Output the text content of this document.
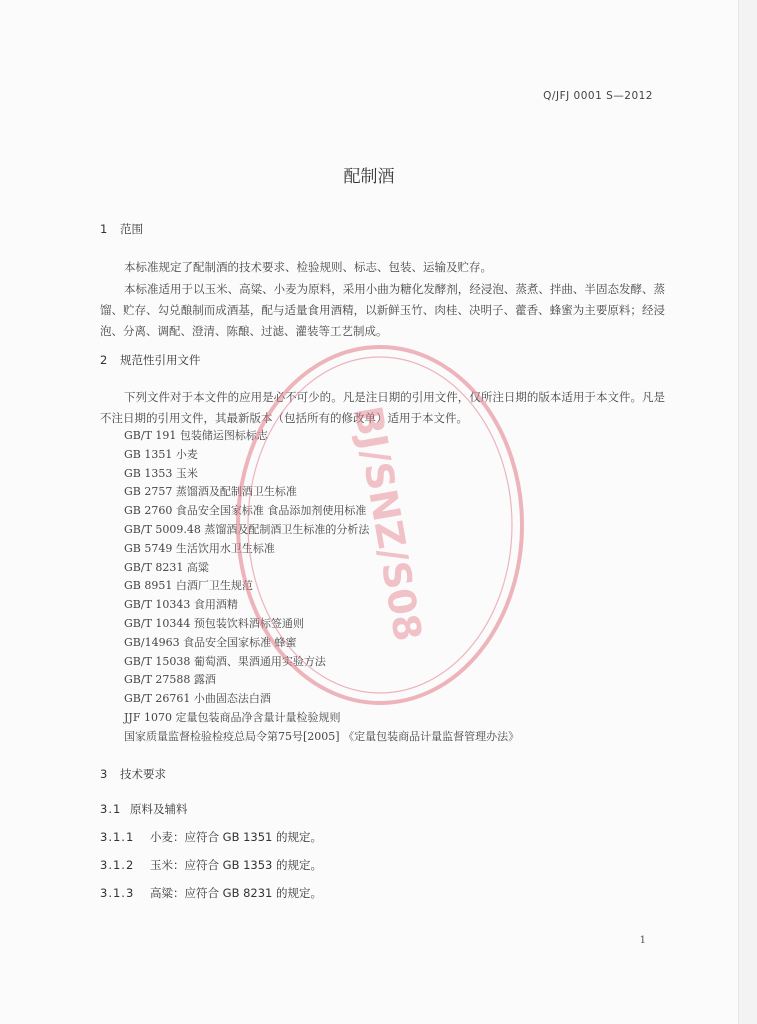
Q/JFJ 0001 S—2012
配制酒
1 范围
本标准规定了配制酒的技术要求、检验规则、标志、包装、运输及贮存。
本标准适用于以玉米、高粱、小麦为原料，采用小曲为糖化发酵剂，经浸泡、蒸煮、拌曲、半固态发酵、蒸馏、贮存、勾兑酿制而成酒基，配与适量食用酒精，以新鲜玉竹、肉桂、决明子、藿香、蜂蜜为主要原料；经浸泡、分离、调配、澄清、陈酿、过滤、灌装等工艺制成。
2 规范性引用文件
下列文件对于本文件的应用是必不可少的。凡是注日期的引用文件，仅所注日期的版本适用于本文件。凡是不注日期的引用文件，其最新版本（包括所有的修改单）适用于本文件。
GB/T 191 包装储运图标标志
GB 1351 小麦
GB 1353 玉米
GB 2757 蒸馏酒及配制酒卫生标准
GB 2760 食品安全国家标准 食品添加剂使用标准
GB/T 5009.48 蒸馏酒及配制酒卫生标准的分析法
GB 5749 生活饮用水卫生标准
GB/T 8231 高粱
GB 8951 白酒厂卫生规范
GB/T 10343 食用酒精
GB/T 10344 预包装饮料酒标签通则
GB/14963 食品安全国家标准 蜂蜜
GB/T 15038 葡萄酒、果酒通用实验方法
GB/T 27588 露酒
GB/T 26761 小曲固态法白酒
JJF 1070 定量包装商品净含量计量检验规则
国家质量监督检验检疫总局令第75号[2005] 《定量包装商品计量监督管理办法》
3 技术要求
3.1 原料及辅料
3.1.1 小麦：应符合 GB 1351 的规定。
3.1.2 玉米：应符合 GB 1353 的规定。
3.1.3 高粱：应符合 GB 8231 的规定。
1
BJ/SNZ/S08
